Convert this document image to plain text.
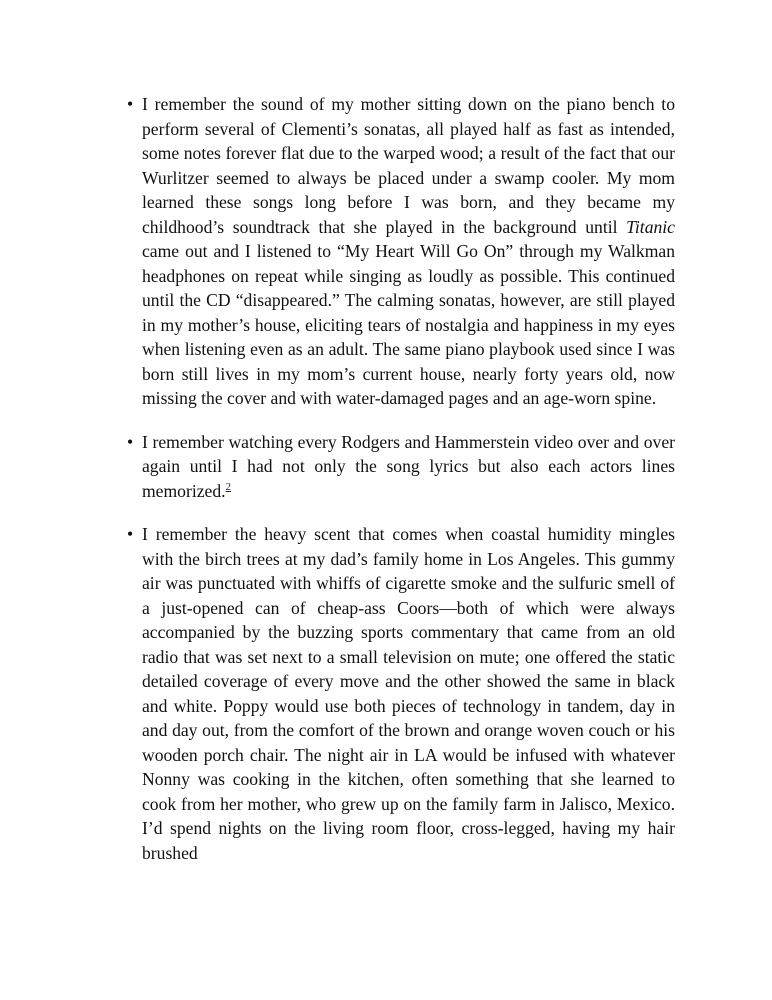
• I remember the sound of my mother sitting down on the piano bench to perform several of Clementi’s sonatas, all played half as fast as intended, some notes forever flat due to the warped wood; a result of the fact that our Wurlitzer seemed to always be placed under a swamp cooler. My mom learned these songs long before I was born, and they became my childhood’s soundtrack that she played in the background until Titanic came out and I listened to “My Heart Will Go On” through my Walkman headphones on repeat while singing as loudly as possible. This continued until the CD “disappeared.” The calming sonatas, however, are still played in my mother’s house, eliciting tears of nostalgia and happiness in my eyes when listening even as an adult. The same piano playbook used since I was born still lives in my mom’s current house, nearly forty years old, now missing the cover and with water-damaged pages and an age-worn spine.

• I remember watching every Rodgers and Hammerstein video over and over again until I had not only the song lyrics but also each actors lines memorized.$^2$

• I remember the heavy scent that comes when coastal humidity mingles with the birch trees at my dad’s family home in Los Angeles. This gummy air was punctuated with whiffs of cigarette smoke and the sulfuric smell of a just-opened can of cheap-ass Coors—both of which were always accompanied by the buzzing sports commentary that came from an old radio that was set next to a small television on mute; one offered the static detailed coverage of every move and the other showed the same in black and white. Poppy would use both pieces of technology in tandem, day in and day out, from the comfort of the brown and orange woven couch or his wooden porch chair. The night air in LA would be infused with whatever Nonny was cooking in the kitchen, often something that she learned to cook from her mother, who grew up on the family farm in Jalisco, Mexico. I’d spend nights on the living room floor, cross-legged, having my hair brushed
